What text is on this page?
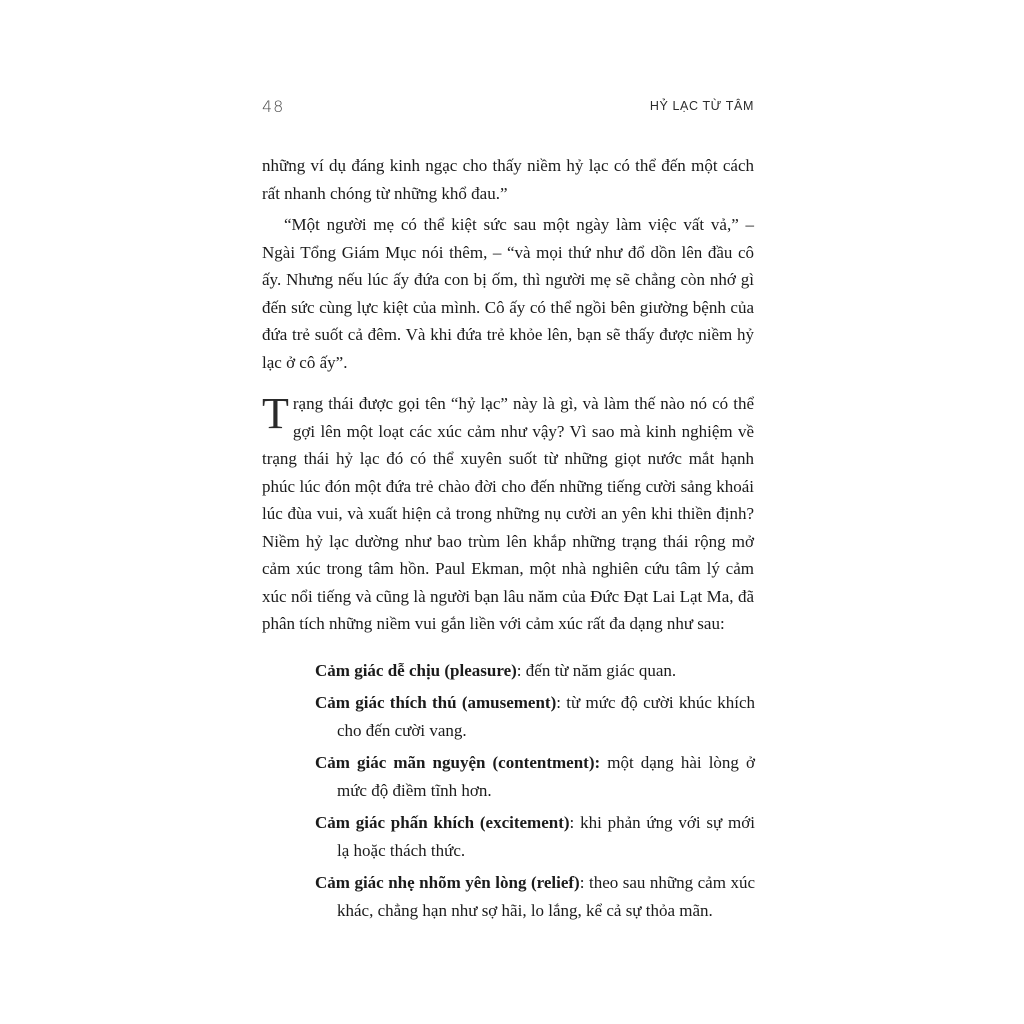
48	HỶ LẠC TỪ TÂM

những ví dụ đáng kinh ngạc cho thấy niềm hỷ lạc có thể đến một cách rất nhanh chóng từ những khổ đau.”

“Một người mẹ có thể kiệt sức sau một ngày làm việc vất vả,” – Ngài Tổng Giám Mục nói thêm, – “và mọi thứ như đổ dồn lên đầu cô ấy. Nhưng nếu lúc ấy đứa con bị ốm, thì người mẹ sẽ chẳng còn nhớ gì đến sức cùng lực kiệt của mình. Cô ấy có thể ngồi bên giường bệnh của đứa trẻ suốt cả đêm. Và khi đứa trẻ khỏe lên, bạn sẽ thấy được niềm hỷ lạc ở cô ấy”.

Trạng thái được gọi tên “hỷ lạc” này là gì, và làm thế nào nó có thể gợi lên một loạt các xúc cảm như vậy? Vì sao mà kinh nghiệm về trạng thái hỷ lạc đó có thể xuyên suốt từ những giọt nước mắt hạnh phúc lúc đón một đứa trẻ chào đời cho đến những tiếng cười sảng khoái lúc đùa vui, và xuất hiện cả trong những nụ cười an yên khi thiền định? Niềm hỷ lạc dường như bao trùm lên khắp những trạng thái rộng mở cảm xúc trong tâm hồn. Paul Ekman, một nhà nghiên cứu tâm lý cảm xúc nổi tiếng và cũng là người bạn lâu năm của Đức Đạt Lai Lạt Ma, đã phân tích những niềm vui gắn liền với cảm xúc rất đa dạng như sau:

Cảm giác dễ chịu (pleasure): đến từ năm giác quan.
Cảm giác thích thú (amusement): từ mức độ cười khúc khích cho đến cười vang.
Cảm giác mãn nguyện (contentment): một dạng hài lòng ở mức độ điềm tĩnh hơn.
Cảm giác phấn khích (excitement): khi phản ứng với sự mới lạ hoặc thách thức.
Cảm giác nhẹ nhõm yên lòng (relief): theo sau những cảm xúc khác, chẳng hạn như sợ hãi, lo lắng, kể cả sự thỏa mãn.
